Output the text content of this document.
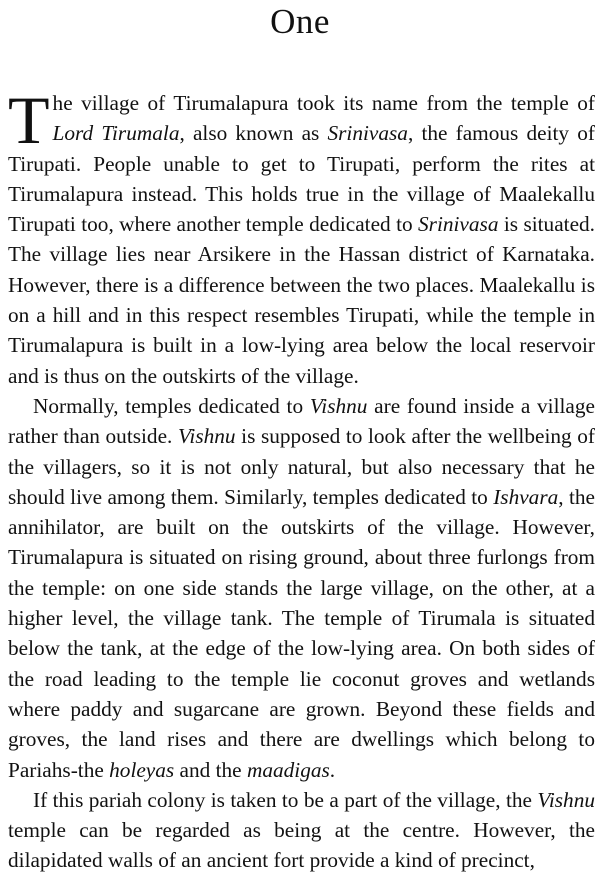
One

T he village of Tirumalapura took its name from the temple of Lord Tirumala, also known as Srinivasa, the famous deity of Tirupati. People unable to get to Tirupati, perform the rites at Tirumalapura instead. This holds true in the village of Maalekallu Tirupati too, where another temple dedicated to Srinivasa is situated. The village lies near Arsikere in the Hassan district of Karnataka. However, there is a difference between the two places. Maalekallu is on a hill and in this respect resembles Tirupati, while the temple in Tirumalapura is built in a low-lying area below the local reservoir and is thus on the outskirts of the village.

Normally, temples dedicated to Vishnu are found inside a village rather than outside. Vishnu is supposed to look after the wellbeing of the villagers, so it is not only natural, but also necessary that he should live among them. Similarly, temples dedicated to Ishvara, the annihilator, are built on the outskirts of the village. However, Tirumalapura is situated on rising ground, about three furlongs from the temple: on one side stands the large village, on the other, at a higher level, the village tank. The temple of Tirumala is situated below the tank, at the edge of the low-lying area. On both sides of the road leading to the temple lie coconut groves and wetlands where paddy and sugarcane are grown. Beyond these fields and groves, the land rises and there are dwellings which belong to Pariahs-the holeyas and the maadigas.

If this pariah colony is taken to be a part of the village, the Vishnu temple can be regarded as being at the centre. However, the dilapidated walls of an ancient fort provide a kind of precinct,
